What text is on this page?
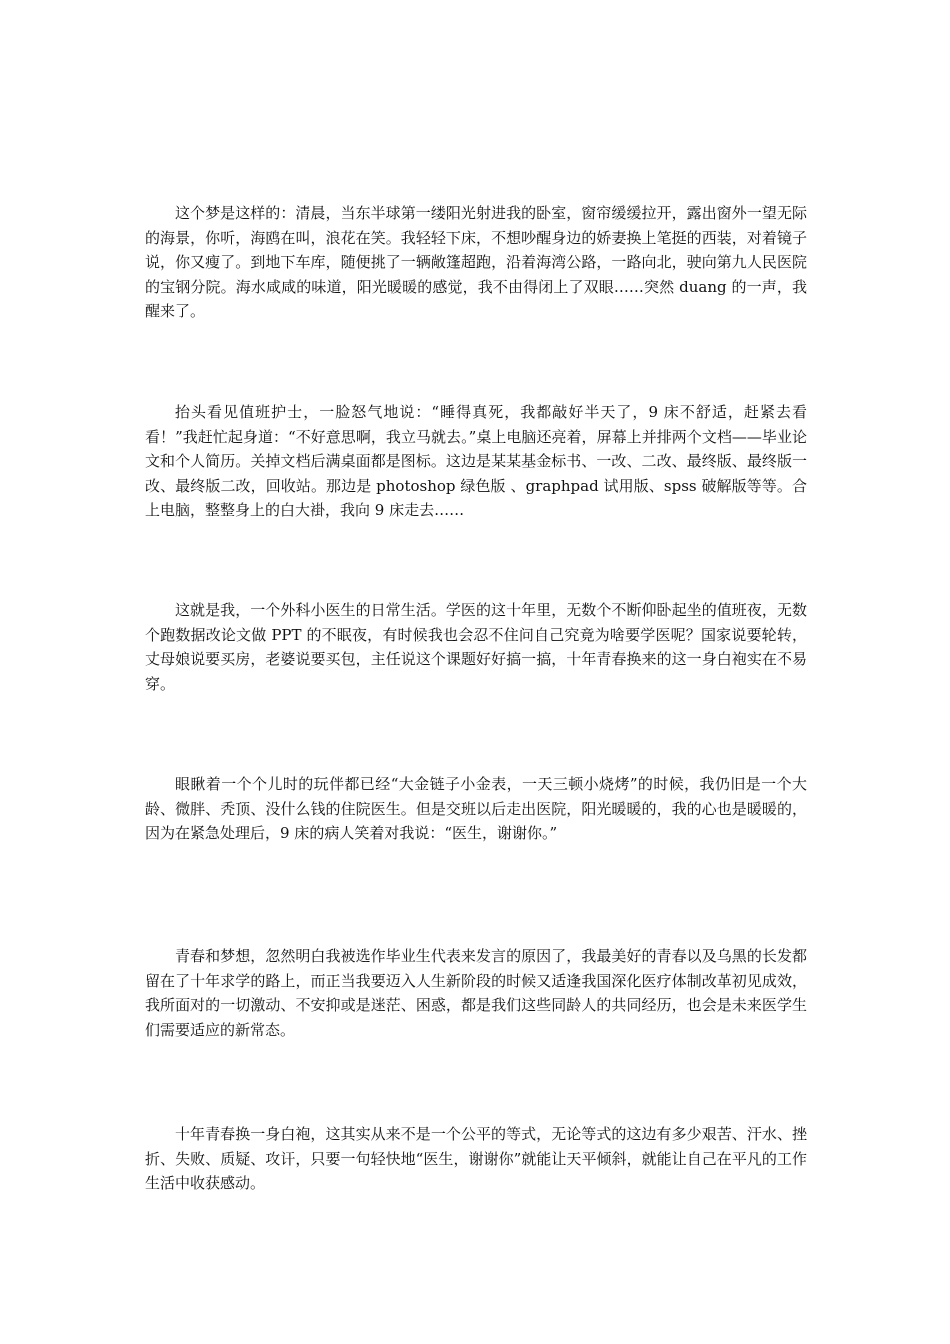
这个梦是这样的：清晨，当东半球第一缕阳光射进我的卧室，窗帘缓缓拉开，露出窗外一望无际的海景，你听，海鸥在叫，浪花在笑。我轻轻下床，不想吵醒身边的娇妻换上笔挺的西装，对着镜子说，你又瘦了。到地下车库，随便挑了一辆敞篷超跑，沿着海湾公路，一路向北，驶向第九人民医院的宝钢分院。海水咸咸的味道，阳光暖暖的感觉，我不由得闭上了双眼……突然 duang 的一声，我醒来了。

抬头看见值班护士，一脸怒气地说：“睡得真死，我都敲好半天了，9 床不舒适，赶紧去看看！”我赶忙起身道：“不好意思啊，我立马就去。”桌上电脑还亮着，屏幕上并排两个文档——毕业论文和个人简历。关掉文档后满桌面都是图标。这边是某某基金标书、一改、二改、最终版、最终版一改、最终版二改，回收站。那边是 photoshop 绿色版 、graphpad 试用版、spss 破解版等等。合上电脑，整整身上的白大褂，我向 9 床走去……

这就是我，一个外科小医生的日常生活。学医的这十年里，无数个不断仰卧起坐的值班夜，无数个跑数据改论文做 PPT 的不眠夜，有时候我也会忍不住问自己究竟为啥要学医呢？国家说要轮转，丈母娘说要买房，老婆说要买包，主任说这个课题好好搞一搞，十年青春换来的这一身白袍实在不易穿。

眼瞅着一个个儿时的玩伴都已经“大金链子小金表，一天三顿小烧烤”的时候，我仍旧是一个大龄、微胖、秃顶、没什么钱的住院医生。但是交班以后走出医院，阳光暖暖的，我的心也是暖暖的，因为在紧急处理后，9 床的病人笑着对我说：“医生，谢谢你。”

青春和梦想，忽然明白我被选作毕业生代表来发言的原因了，我最美好的青春以及乌黑的长发都留在了十年求学的路上，而正当我要迈入人生新阶段的时候又适逢我国深化医疗体制改革初见成效，我所面对的一切激动、不安抑或是迷茫、困惑，都是我们这些同龄人的共同经历，也会是未来医学生们需要适应的新常态。

十年青春换一身白袍，这其实从来不是一个公平的等式，无论等式的这边有多少艰苦、汗水、挫折、失败、质疑、攻讦，只要一句轻快地“医生，谢谢你”就能让天平倾斜，就能让自己在平凡的工作生活中收获感动。
